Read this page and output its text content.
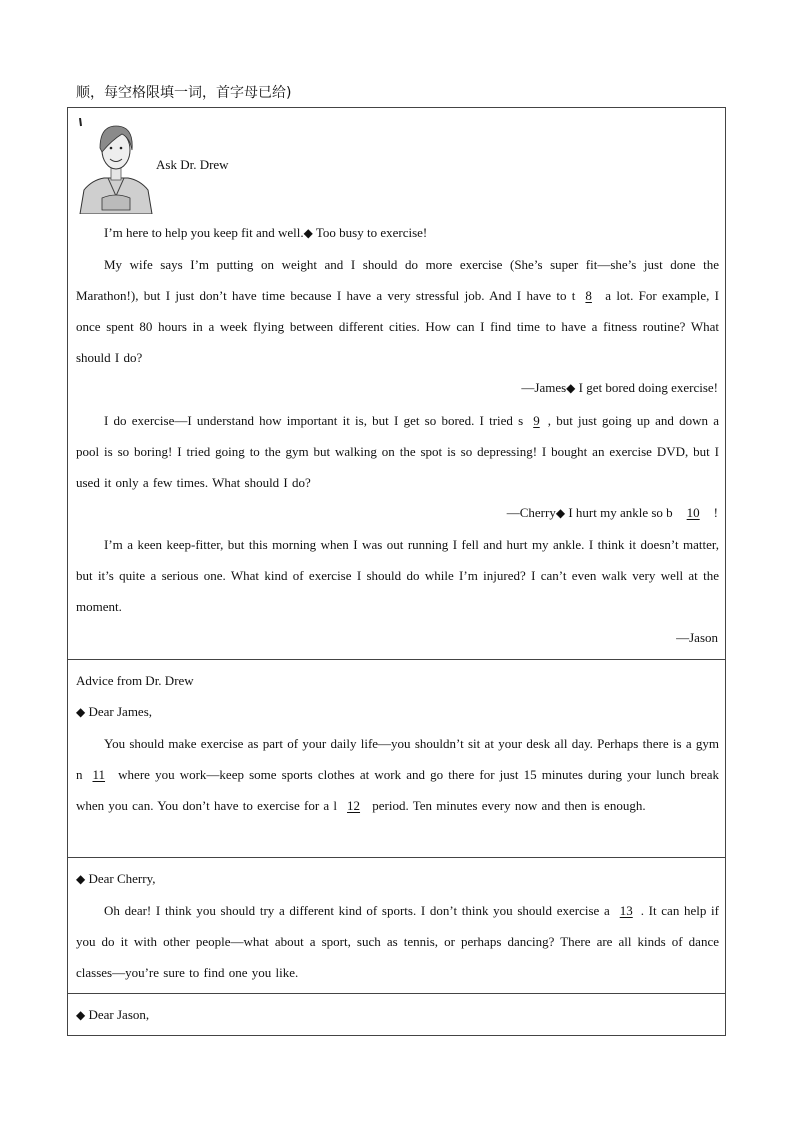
顺，每空格限填一词，首字母已给)
Ask Dr. Drew
I’m here to help you keep fit and well.◆ Too busy to exercise!

My wife says I’m putting on weight and I should do more exercise (She’s super fit—she’s just done the Marathon!), but I just don’t have time because I have a very stressful job. And I have to t 8 a lot. For example, I once spent 80 hours in a week flying between different cities. How can I find time to have a fitness routine? What should I do?

—James◆ I get bored doing exercise!

I do exercise—I understand how important it is, but I get so bored. I tried s 9 , but just going up and down a pool is so boring! I tried going to the gym but walking on the spot is so depressing! I bought an exercise DVD, but I used it only a few times. What should I do?

—Cherry◆ I hurt my ankle so b 10 !

I’m a keen keep-fitter, but this morning when I was out running I fell and hurt my ankle. I think it doesn’t matter, but it’s quite a serious one. What kind of exercise I should do while I’m injured? I can’t even walk very well at the moment.

—Jason
Advice from Dr. Drew
◆ Dear James,

You should make exercise as part of your daily life—you shouldn’t sit at your desk all day. Perhaps there is a gym n 11 where you work—keep some sports clothes at work and go there for just 15 minutes during your lunch break when you can. You don’t have to exercise for a l 12 period. Ten minutes every now and then is enough.

◆ Dear Cherry,

Oh dear! I think you should try a different kind of sports. I don’t think you should exercise a 13 . It can help if you do it with other people—what about a sport, such as tennis, or perhaps dancing? There are all kinds of dance classes—you’re sure to find one you like.

◆ Dear Jason,
